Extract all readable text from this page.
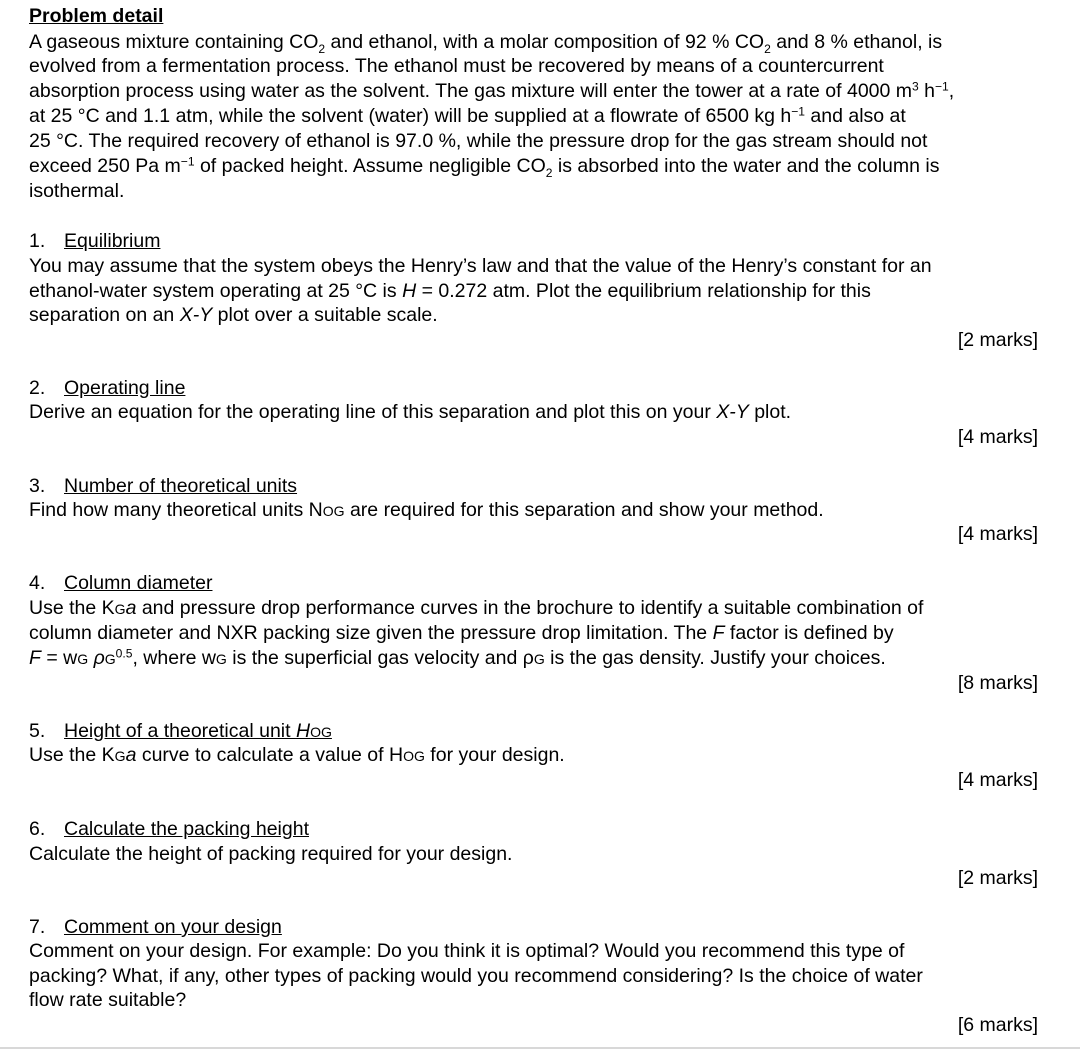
Problem detail
A gaseous mixture containing $CO_2$ and ethanol, with a molar composition of 92 % $CO_2$ and 8 % ethanol, is
evolved from a fermentation process. The ethanol must be recovered by means of a countercurrent
absorption process using water as the solvent. The gas mixture will enter the tower at a rate of 4000 $m^3$ $h^{-1}$,
at 25 °C and 1.1 atm, while the solvent (water) will be supplied at a flowrate of 6500 kg $h^{-1}$ and also at
25 °C. The required recovery of ethanol is 97.0 %, while the pressure drop for the gas stream should not
exceed 250 Pa $m^{-1}$ of packed height. Assume negligible $CO_2$ is absorbed into the water and the column is
isothermal.
1. Equilibrium
You may assume that the system obeys the Henry’s law and that the value of the Henry’s constant for an
ethanol-water system operating at 25 °C is H = 0.272 atm. Plot the equilibrium relationship for this
separation on an X-Y plot over a suitable scale.
[2 marks]
2. Operating line
Derive an equation for the operating line of this separation and plot this on your X-Y plot.
[4 marks]
3. Number of theoretical units
Find how many theoretical units NOG are required for this separation and show your method.
[4 marks]
4. Column diameter
Use the KGa and pressure drop performance curves in the brochure to identify a suitable combination of
column diameter and NXR packing size given the pressure drop limitation. The F factor is defined by
F = wG $\rho G^{0.5}$, where wG is the superficial gas velocity and ρG is the gas density. Justify your choices.
[8 marks]
5. Height of a theoretical unit HOG
Use the KGa curve to calculate a value of HOG for your design.
[4 marks]
6. Calculate the packing height
Calculate the height of packing required for your design.
[2 marks]
7. Comment on your design
Comment on your design. For example: Do you think it is optimal? Would you recommend this type of
packing? What, if any, other types of packing would you recommend considering? Is the choice of water
flow rate suitable?
[6 marks]
